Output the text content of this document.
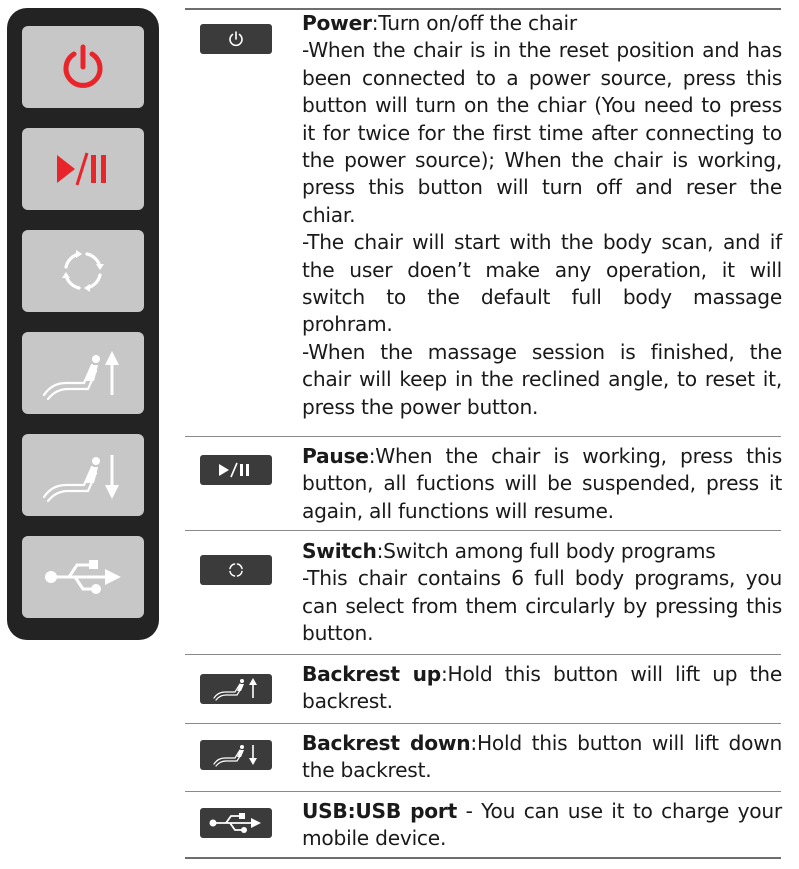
Power:Turn on/off the chair

-When the chair is in the reset position and has been connected to a power source, press this button will turn on the chiar (You need to press it for twice for the first time after connecting to the power source); When the chair is working, press this button will turn off and reser the chiar.

-The chair will start with the body scan, and if the user doen’t make any operation, it will switch to the default full body massage prohram.

-When the massage session is finished, the chair will keep in the reclined angle, to reset it, press the power button.

Pause:When the chair is working, press this button, all fuctions will be suspended, press it again, all functions will resume.

Switch:Switch among full body programs

-This chair contains 6 full body programs, you can select from them circularly by pressing this button.

Backrest up:Hold this button will lift up the backrest.

Backrest down:Hold this button will lift down the backrest.

USB:USB port - You can use it to charge your mobile device.
